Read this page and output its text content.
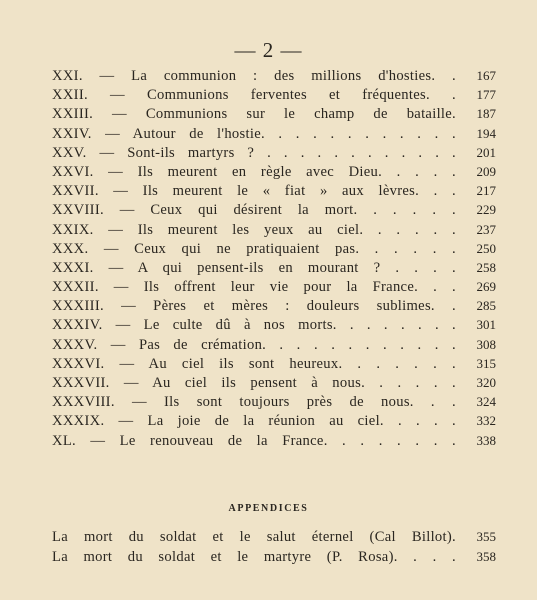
— 2 —
XXI. — La communion : des millions d'hosties. .	167
XXII. — Communions ferventes et fréquentes. .	177
XXIII. — Communions sur le champ de bataille.	187
XXIV. — Autour de l'hostie. . . . . . . . . . . .	194
XXV. — Sont-ils martyrs ? . . . . . . . . . . . .	201
XXVI. — Ils meurent en règle avec Dieu. . . . .	209
XXVII. — Ils meurent le « fiat » aux lèvres. . .	217
XXVIII. — Ceux qui désirent la mort. . . . . .	229
XXIX. — Ils meurent les yeux au ciel. . . . . .	237
XXX. — Ceux qui ne pratiquaient pas. . . . . .	250
XXXI. — A qui pensent-ils en mourant ? . . . .	258
XXXII. — Ils offrent leur vie pour la France. . .	269
XXXIII. — Pères et mères : douleurs sublimes. .	285
XXXIV. — Le culte dû à nos morts. . . . . . . .	301
XXXV. — Pas de crémation. . . . . . . . . . . .	308
XXXVI. — Au ciel ils sont heureux. . . . . . .	315
XXXVII. — Au ciel ils pensent à nous. . . . . .	320
XXXVIII. — Ils sont toujours près de nous. . .	324
XXXIX. — La joie de la réunion au ciel. . . . .	332
XL. — Le renouveau de la France. . . . . . . .	338
APPENDICES
La mort du soldat et le salut éternel (Cal Billot).	355
La mort du soldat et le martyre (P. Rosa). . . .	358
